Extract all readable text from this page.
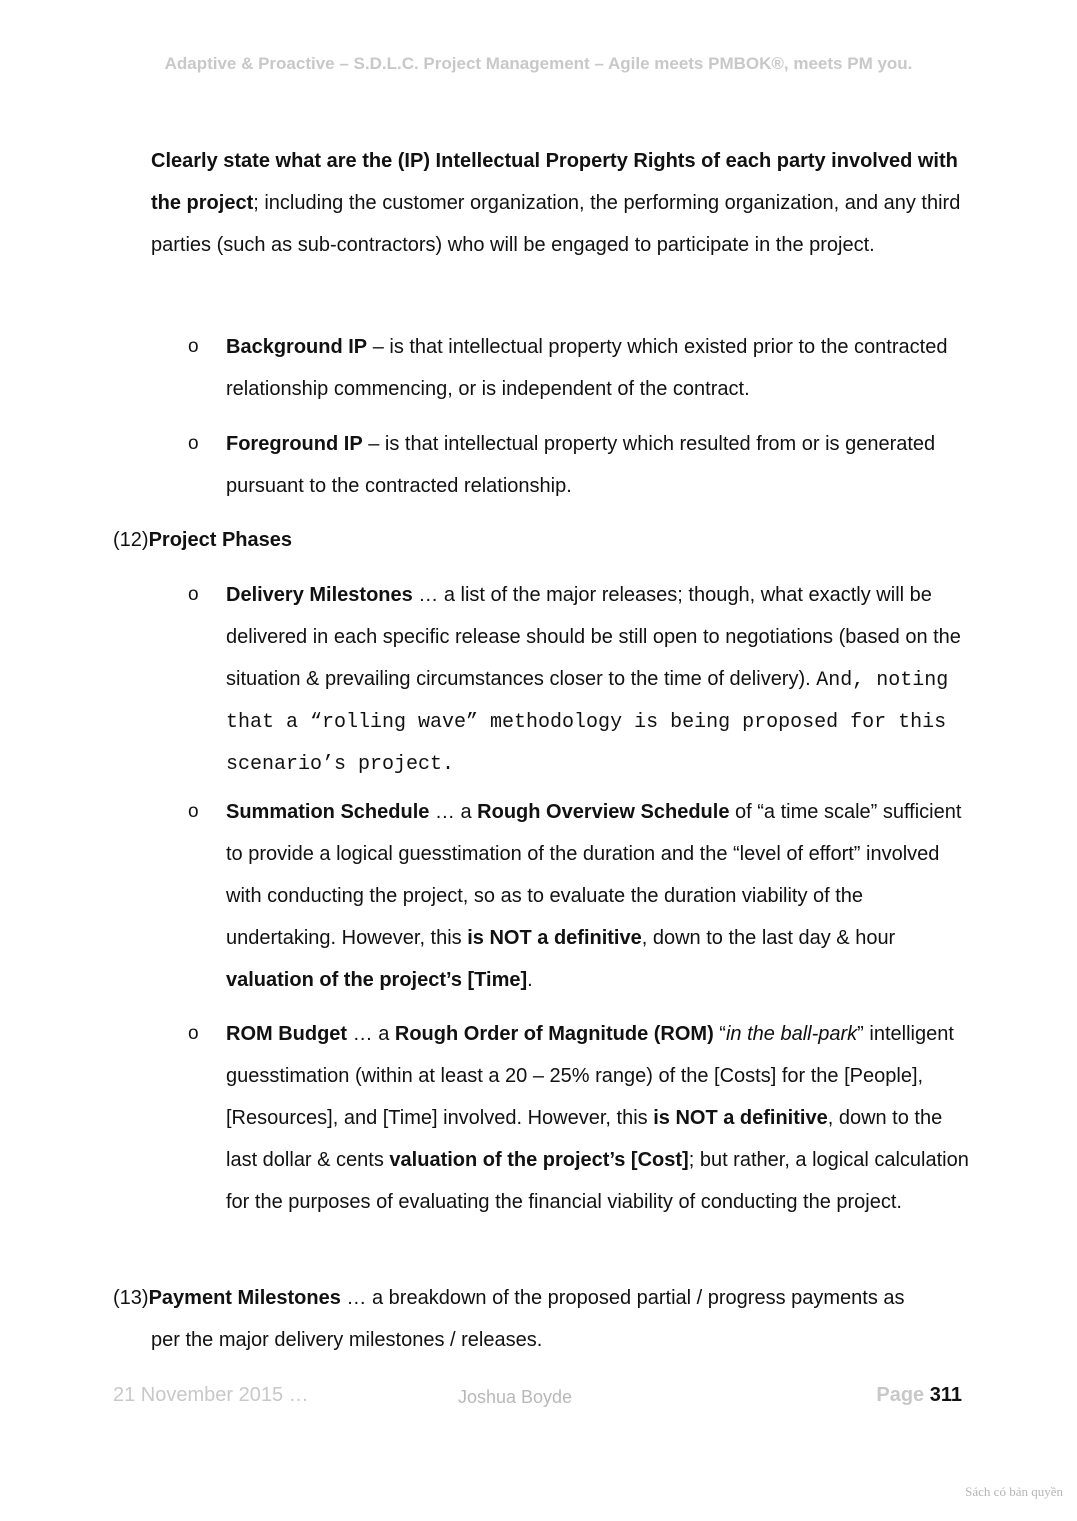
Adaptive & Proactive – S.D.L.C. Project Management – Agile meets PMBOK®, meets PM you.
Clearly state what are the (IP) Intellectual Property Rights of each party involved with the project; including the customer organization, the performing organization, and any third parties (such as sub-contractors) who will be engaged to participate in the project.
o Background IP – is that intellectual property which existed prior to the contracted relationship commencing, or is independent of the contract.
o Foreground IP – is that intellectual property which resulted from or is generated pursuant to the contracted relationship.
(12)Project Phases
o Delivery Milestones … a list of the major releases; though, what exactly will be delivered in each specific release should be still open to negotiations (based on the situation & prevailing circumstances closer to the time of delivery). And, noting that a “rolling wave” methodology is being proposed for this scenario’s project.
o Summation Schedule … a Rough Overview Schedule of “a time scale” sufficient to provide a logical guesstimation of the duration and the “level of effort” involved with conducting the project, so as to evaluate the duration viability of the undertaking. However, this is NOT a definitive, down to the last day & hour valuation of the project’s [Time].
o ROM Budget … a Rough Order of Magnitude (ROM) “in the ball-park” intelligent guesstimation (within at least a 20 – 25% range) of the [Costs] for the [People], [Resources], and [Time] involved. However, this is NOT a definitive, down to the last dollar & cents valuation of the project’s [Cost]; but rather, a logical calculation for the purposes of evaluating the financial viability of conducting the project.
(13)Payment Milestones … a breakdown of the proposed partial / progress payments as
per the major delivery milestones / releases.
21 November 2015 …	Joshua Boyde	Page 311
Sách có bản quyền
